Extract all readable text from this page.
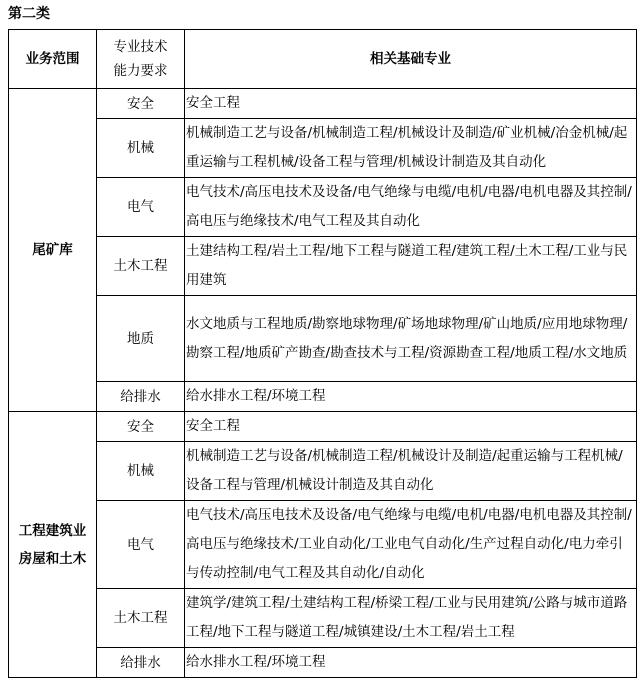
第二类
业务范围	专业技术能力要求	相关基础专业
尾矿库	安全	安全工程
	机械	机械制造工艺与设备/机械制造工程/机械设计及制造/矿业机械/冶金机械/起重运输与工程机械/设备工程与管理/机械设计制造及其自动化
	电气	电气技术/高压电技术及设备/电气绝缘与电缆/电机/电器/电机电器及其控制/高电压与绝缘技术/电气工程及其自动化
	土木工程	土建结构工程/岩土工程/地下工程与隧道工程/建筑工程/土木工程/工业与民用建筑
	地质	水文地质与工程地质/勘察地球物理/矿场地球物理/矿山地质/应用地球物理/勘察工程/地质矿产勘查/勘查技术与工程/资源勘查工程/地质工程/水文地质
	给排水	给水排水工程/环境工程
工程建筑业房屋和土木	安全	安全工程
	机械	机械制造工艺与设备/机械制造工程/机械设计及制造/起重运输与工程机械/设备工程与管理/机械设计制造及其自动化
	电气	电气技术/高压电技术及设备/电气绝缘与电缆/电机/电器/电机电器及其控制/高电压与绝缘技术/工业自动化/工业电气自动化/生产过程自动化/电力牵引与传动控制/电气工程及其自动化/自动化
	土木工程	建筑学/建筑工程/土建结构工程/桥梁工程/工业与民用建筑/公路与城市道路工程/地下工程与隧道工程/城镇建设/土木工程/岩土工程
	给排水	给水排水工程/环境工程
